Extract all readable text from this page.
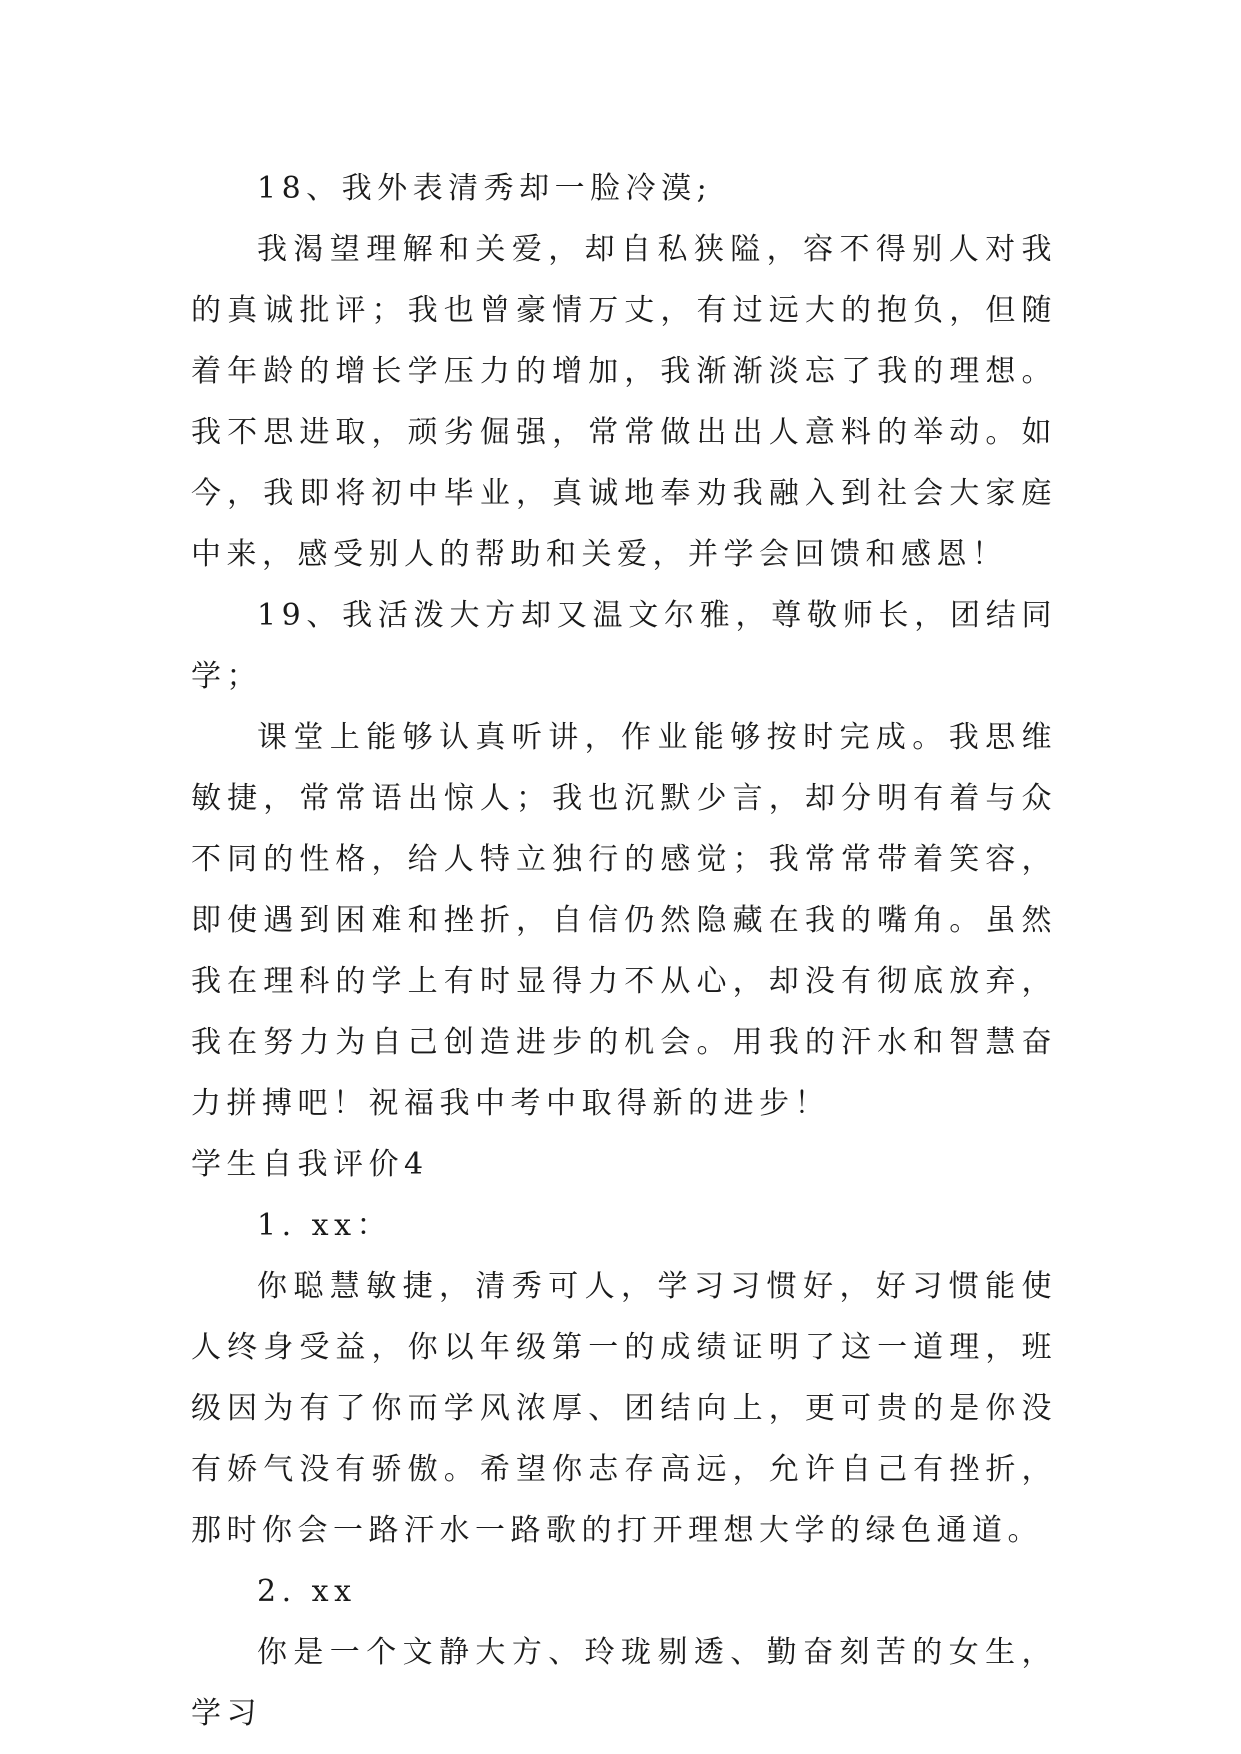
18、我外表清秀却一脸冷漠;

我渴望理解和关爱，却自私狭隘，容不得别人对我的真诚批评；我也曾豪情万丈，有过远大的抱负，但随着年龄的增长学压力的增加，我渐渐淡忘了我的理想。我不思进取，顽劣倔强，常常做出出人意料的举动。如今，我即将初中毕业，真诚地奉劝我融入到社会大家庭中来，感受别人的帮助和关爱，并学会回馈和感恩！

19、我活泼大方却又温文尔雅，尊敬师长，团结同学；

课堂上能够认真听讲，作业能够按时完成。我思维敏捷，常常语出惊人；我也沉默少言，却分明有着与众不同的性格，给人特立独行的感觉；我常常带着笑容，即使遇到困难和挫折，自信仍然隐藏在我的嘴角。虽然我在理科的学上有时显得力不从心，却没有彻底放弃，我在努力为自己创造进步的机会。用我的汗水和智慧奋力拼搏吧！祝福我中考中取得新的进步！

学生自我评价4

1. xx：

你聪慧敏捷，清秀可人，学习习惯好，好习惯能使人终身受益，你以年级第一的成绩证明了这一道理，班级因为有了你而学风浓厚、团结向上，更可贵的是你没有娇气没有骄傲。希望你志存高远，允许自己有挫折，那时你会一路汗水一路歌的打开理想大学的绿色通道。

2. xx

你是一个文静大方、玲珑剔透、勤奋刻苦的女生，学习
